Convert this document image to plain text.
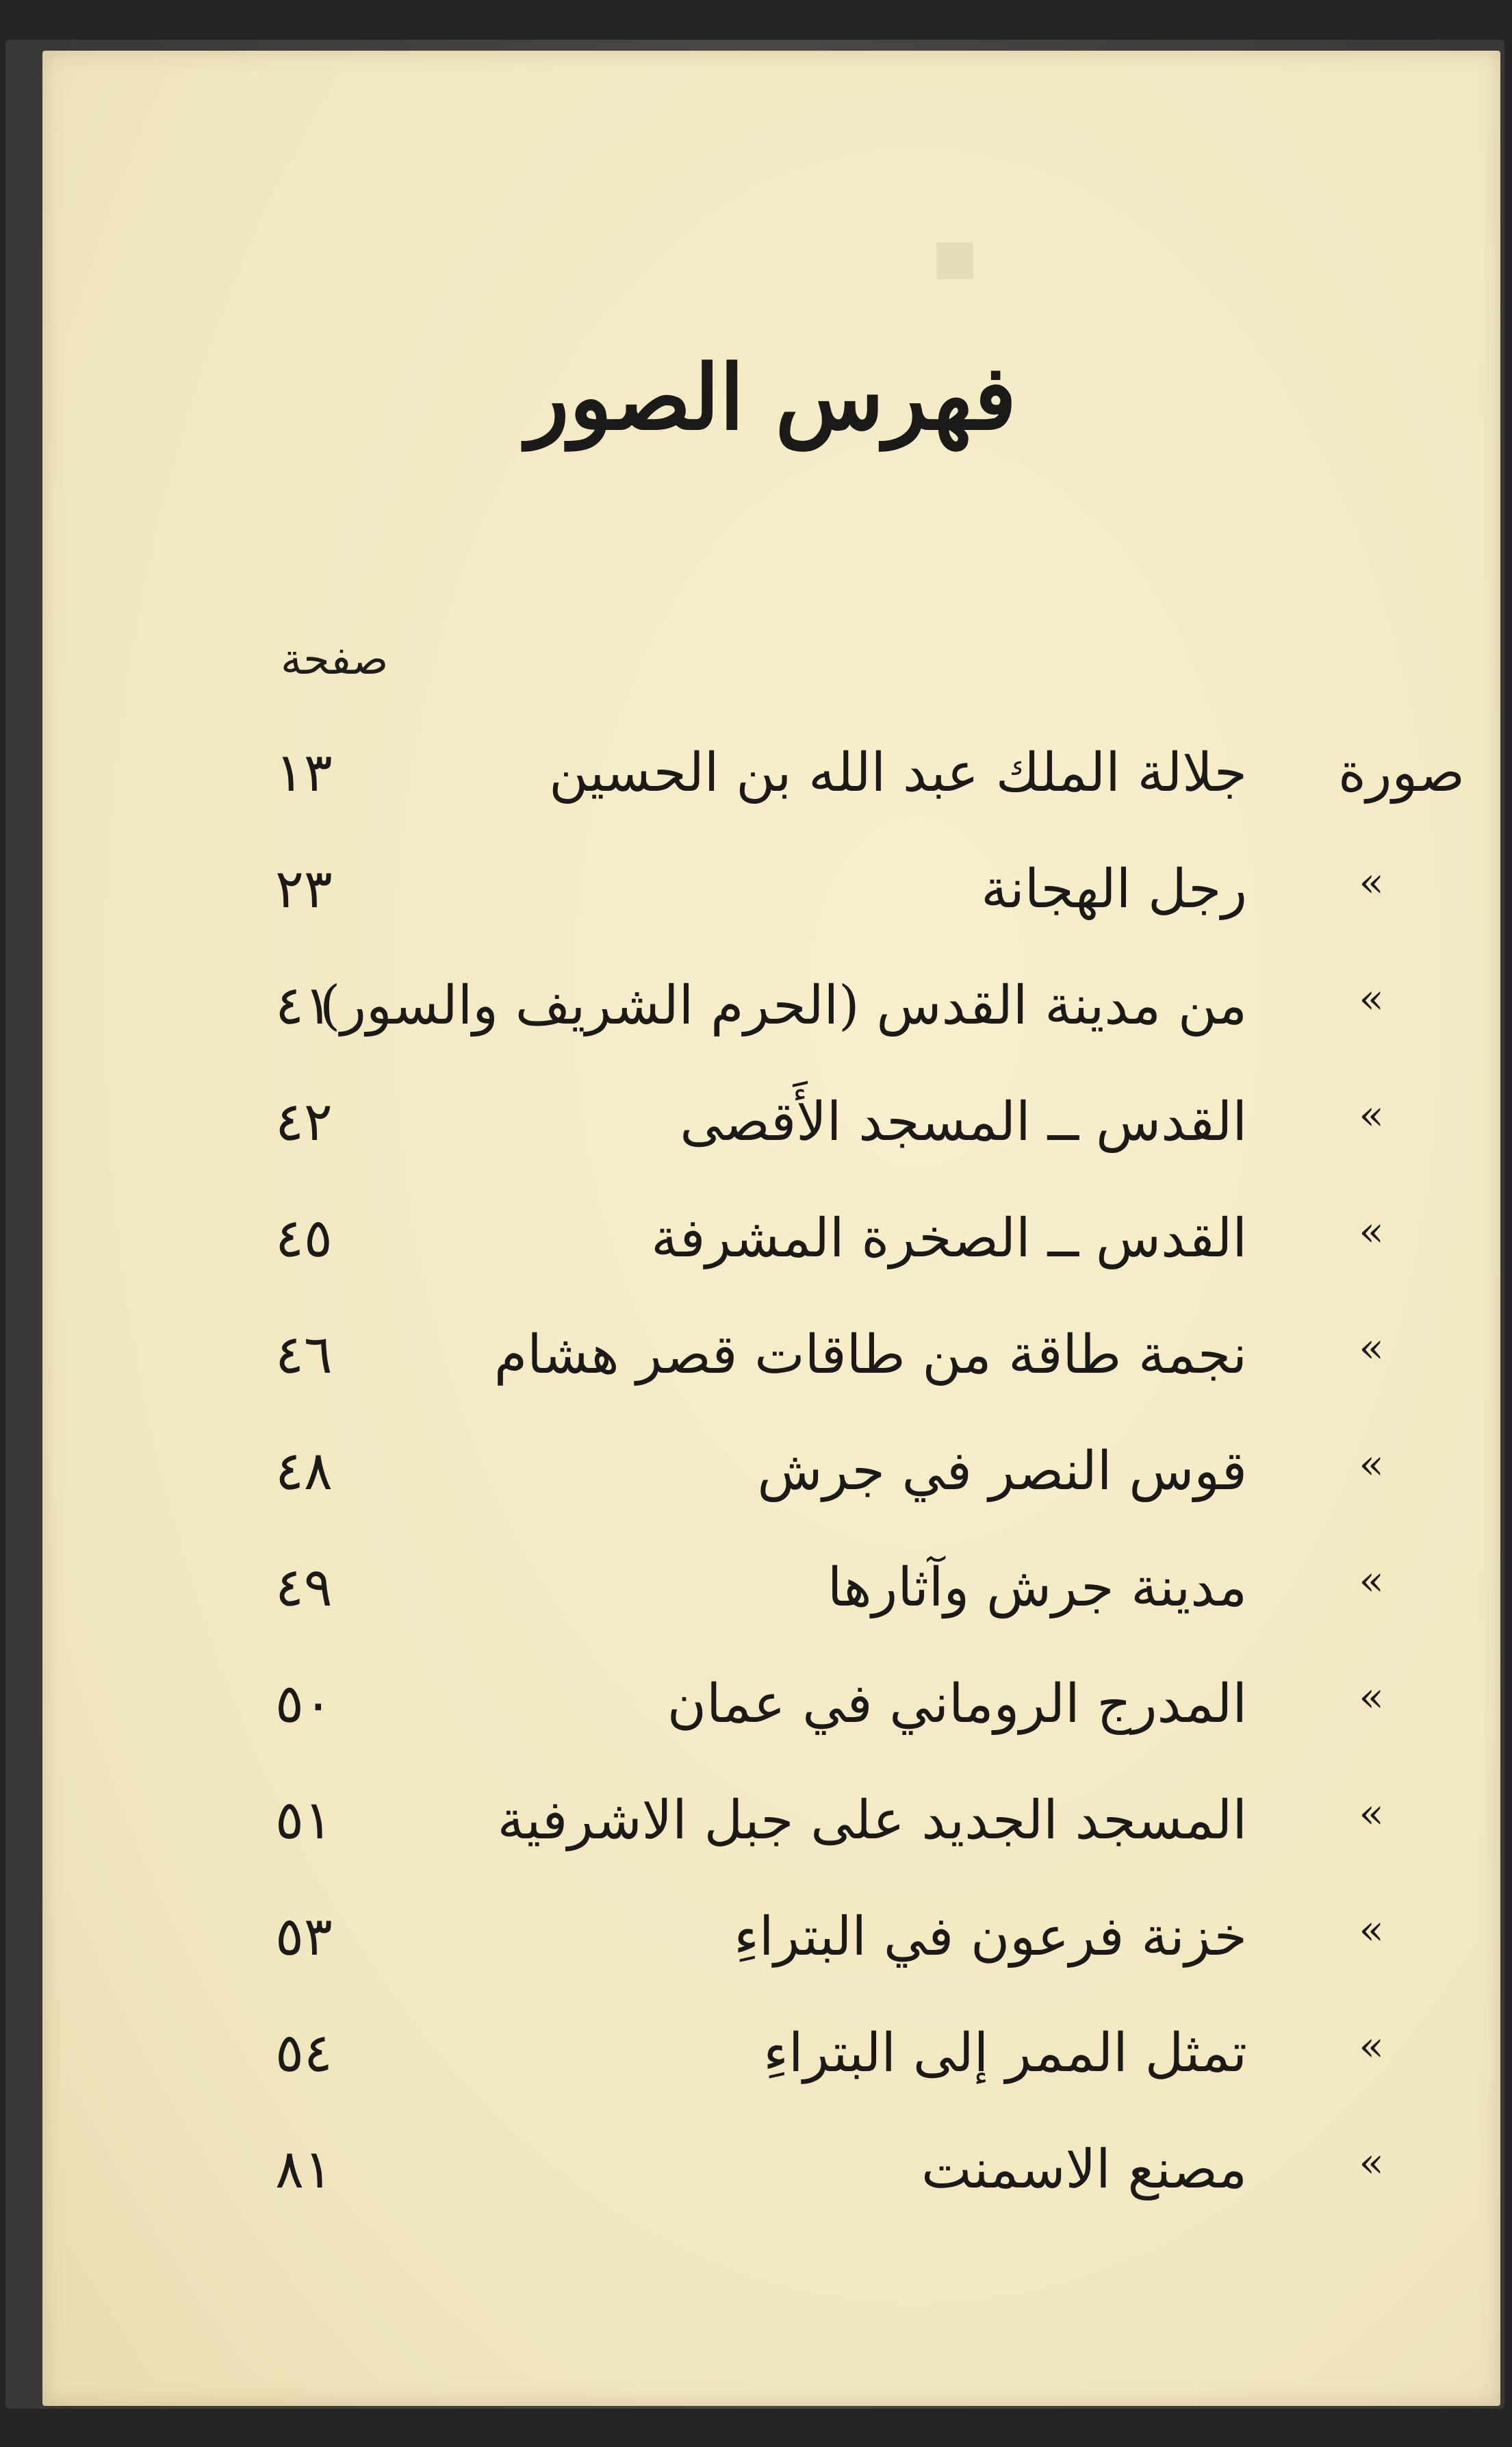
■
فهرس الصور
صفحة
صورة
جلالة الملك عبد الله بن الحسين
١٣
«
رجل الهجانة
٢٣
«
من مدينة القدس (الحرم الشريف والسور)
٤١
«
القدس ــ المسجد الأَقصى
٤٢
«
القدس ــ الصخرة المشرفة
٤٥
«
نجمة طاقة من طاقات قصر هشام
٤٦
«
قوس النصر في جرش
٤٨
«
مدينة جرش وآثارها
٤٩
«
المدرج الروماني في عمان
٥٠
«
المسجد الجديد على جبل الاشرفية
٥١
«
خزنة فرعون في البتراءِ
٥٣
«
تمثل الممر إلى البتراءِ
٥٤
«
مصنع الاسمنت
٨١
